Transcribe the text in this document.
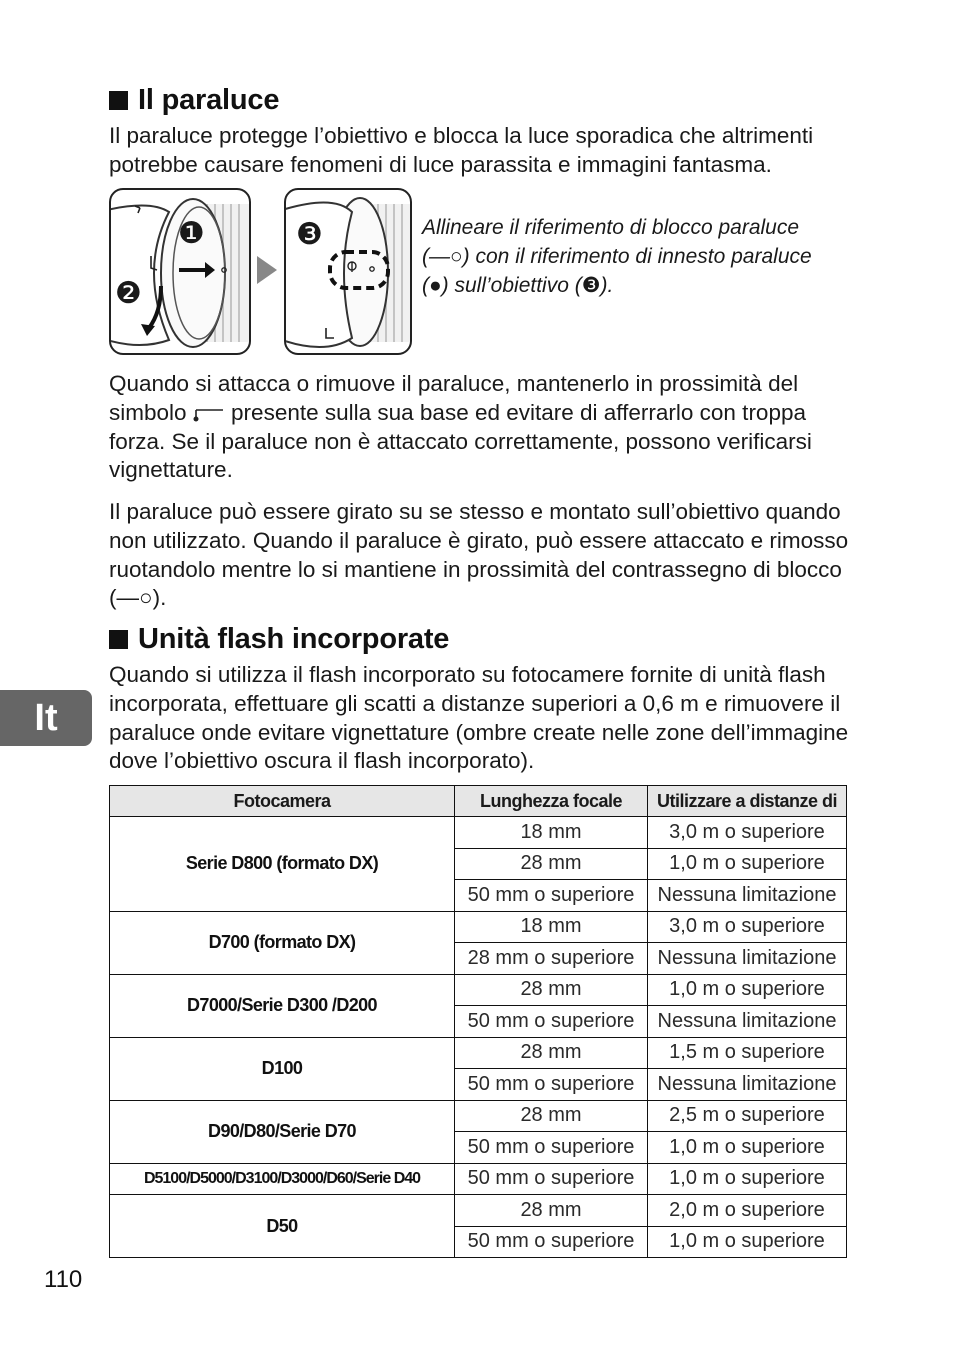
Il paraluce
Il paraluce protegge l’obiettivo e blocca la luce sporadica che altrimenti potrebbe causare fenomeni di luce parassita e immagini fantasma.
❶
❷
❸	Allineare il riferimento di blocco paraluce
(—○) con il riferimento di innesto paraluce
(●) sull’obiettivo (❸).
Quando si attacca o rimuove il paraluce, mantenerlo in prossimità del simbolo  presente sulla sua base ed evitare di afferrarlo con troppa forza. Se il paraluce non è attaccato correttamente, possono verificarsi vignettature.
Il paraluce può essere girato su se stesso e montato sull’obiettivo quando non utilizzato. Quando il paraluce è girato, può essere attaccato e rimosso ruotandolo mentre lo si mantiene in prossimità del contrassegno di blocco (—○).
Unità flash incorporate
Quando si utilizza il flash incorporato su fotocamere fornite di unità flash incorporata, effettuare gli scatti a distanze superiori a 0,6 m e rimuovere il paraluce onde evitare vignettature (ombre create nelle zone dell’immagine dove l’obiettivo oscura il flash incorporato).
It
Fotocamera	Lunghezza focale	Utilizzare a distanze di
Serie D800 (formato DX)	18 mm	3,0 m o superiore
	28 mm	1,0 m o superiore
	50 mm o superiore	Nessuna limitazione
D700 (formato DX)	18 mm	3,0 m o superiore
	28 mm o superiore	Nessuna limitazione
D7000/Serie D300 /D200	28 mm	1,0 m o superiore
	50 mm o superiore	Nessuna limitazione
D100	28 mm	1,5 m o superiore
	50 mm o superiore	Nessuna limitazione
D90/D80/Serie D70	28 mm	2,5 m o superiore
	50 mm o superiore	1,0 m o superiore
D5100/D5000/D3100/D3000/D60/Serie D40	50 mm o superiore	1,0 m o superiore
D50	28 mm	2,0 m o superiore
	50 mm o superiore	1,0 m o superiore
110
